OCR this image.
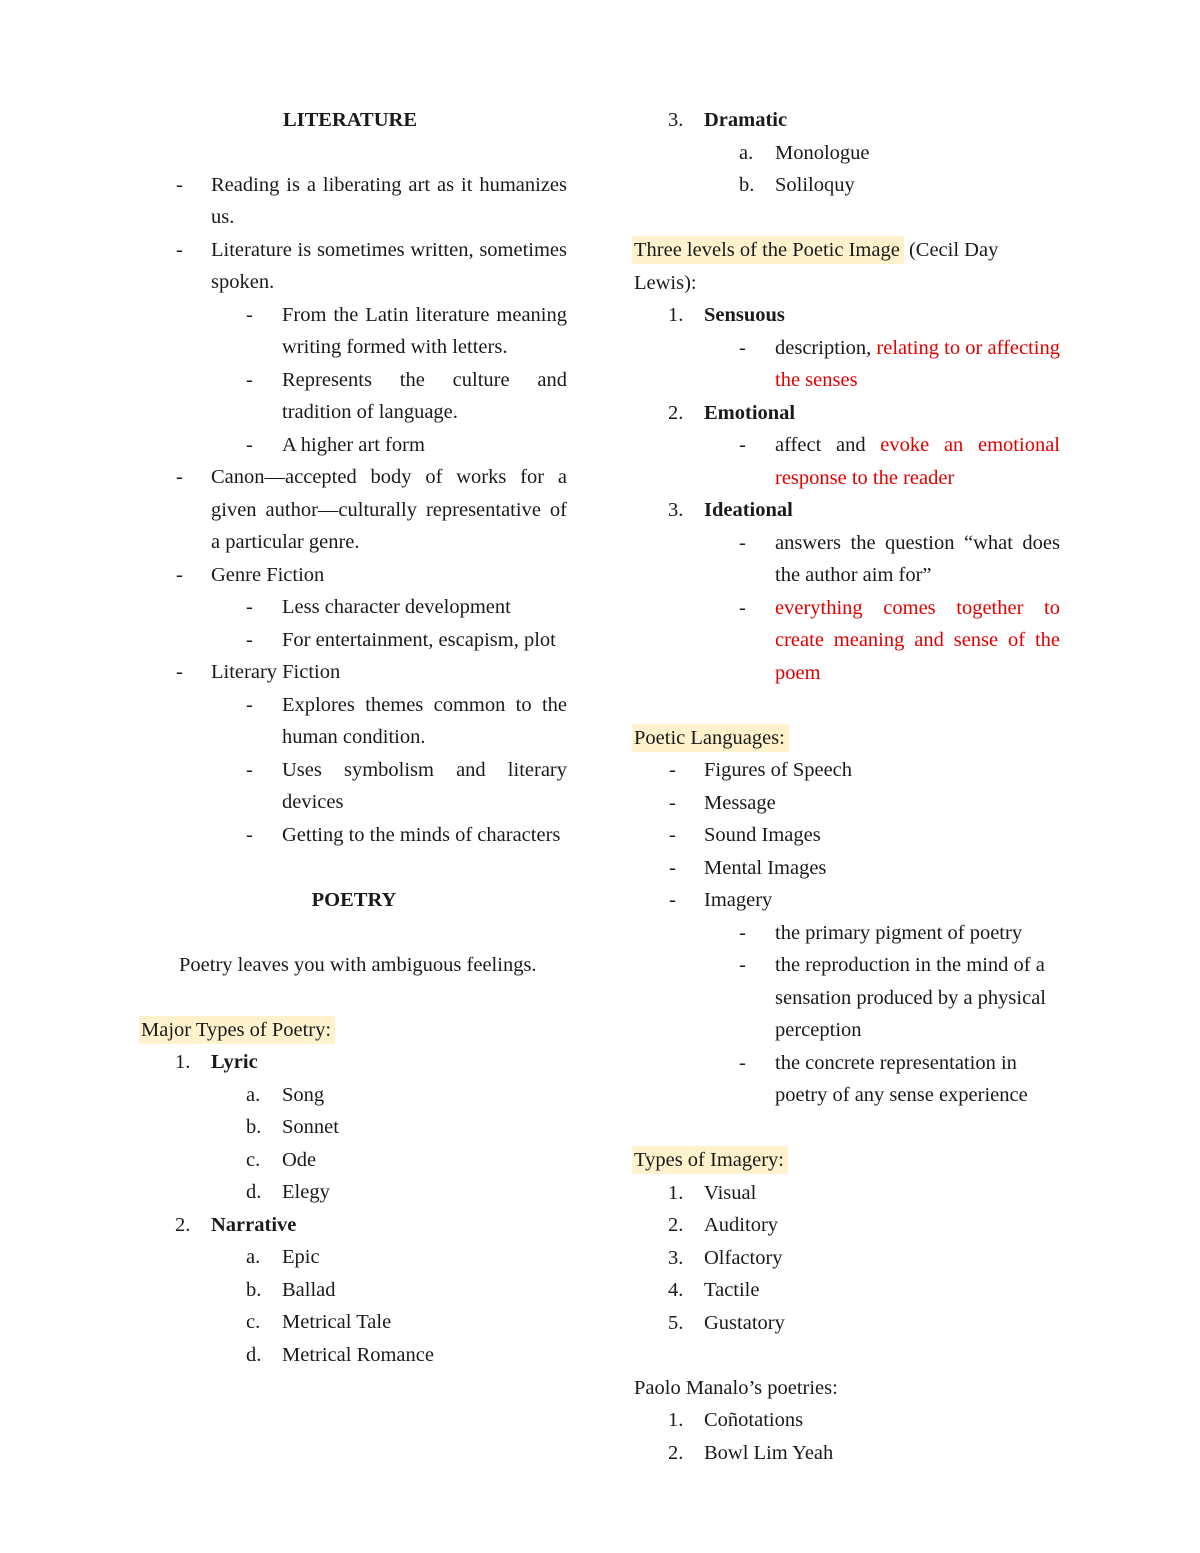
LITERATURE
-	Reading is a liberating art as it humanizes us.
-	Literature is sometimes written, sometimes spoken.
-	From the Latin literature meaning writing formed with letters.
-	Represents the culture and tradition of language.
-	A higher art form
-	Canon—accepted body of works for a given author—culturally representative of a particular genre.
-	Genre Fiction
-	Less character development
-	For entertainment, escapism, plot
-	Literary Fiction
-	Explores themes common to the human condition.
-	Uses symbolism and literary devices
-	Getting to the minds of characters
POETRY
Poetry leaves you with ambiguous feelings.
Major Types of Poetry:
1.	Lyric
a.	Song
b.	Sonnet
c.	Ode
d.	Elegy
2.	Narrative
a.	Epic
b.	Ballad
c.	Metrical Tale
d.	Metrical Romance
3.	Dramatic
a.	Monologue
b.	Soliloquy
Three levels of the Poetic Image (Cecil Day Lewis):
1.	Sensuous
-	description, relating to or affecting the senses
2.	Emotional
-	affect and evoke an emotional response to the reader
3.	Ideational
-	answers the question “what does the author aim for”
-	everything comes together to create meaning and sense of the poem
Poetic Languages:
-	Figures of Speech
-	Message
-	Sound Images
-	Mental Images
-	Imagery
-	the primary pigment of poetry
-	the reproduction in the mind of a sensation produced by a physical perception
-	the concrete representation in poetry of any sense experience
Types of Imagery:
1.	Visual
2.	Auditory
3.	Olfactory
4.	Tactile
5.	Gustatory
Paolo Manalo’s poetries:
1.	Coñotations
2.	Bowl Lim Yeah
